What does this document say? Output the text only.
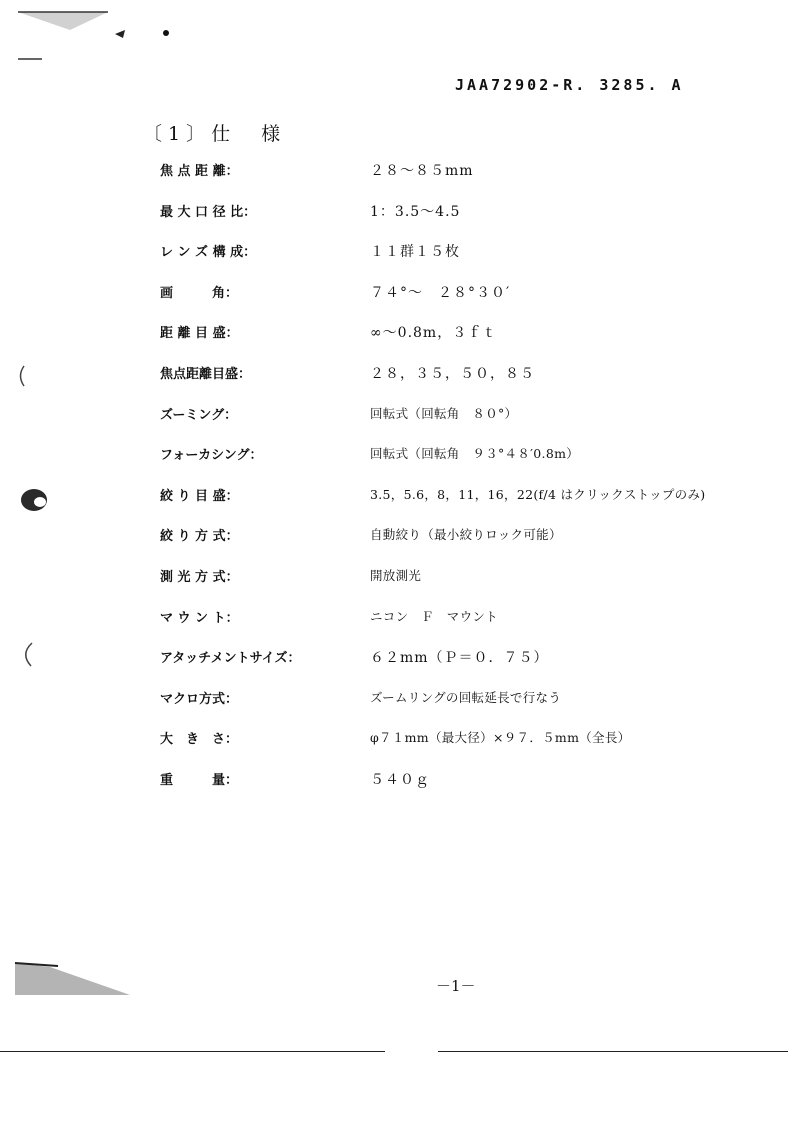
JAA72902-R. 3285. A
〔1〕仕　様
焦 点 距 離：	２８～８５mm
最 大 口 径 比：	1：3.5～4.5
レ ン ズ 構 成：	１１群１５枚
画　　　角：	７４°～　２８°３０′
距 離 目 盛：	∞～0.8m，３ｆｔ
焦点距離目盛：	２８，３５，５０，８５
ズーミング：	回転式（回転角　８０°）
フォーカシング：	回転式（回転角　９３°４８′0.8m）
絞 り 目 盛：	3.5，5.6，8，11，16，22(f/4 はクリックストップのみ)
絞 り 方 式：	自動絞り（最小絞りロック可能）
測 光 方 式：	開放測光
マ ウ ン ト：	ニコン　Ｆ　マウント
アタッチメントサイズ：	６２mm（Ｐ＝０．７５）
マクロ方式：	ズームリングの回転延長で行なう
大　き　さ：	φ７１mm（最大径）×９７．５mm（全長）
重　　　量：	５４０ｇ
－1－
